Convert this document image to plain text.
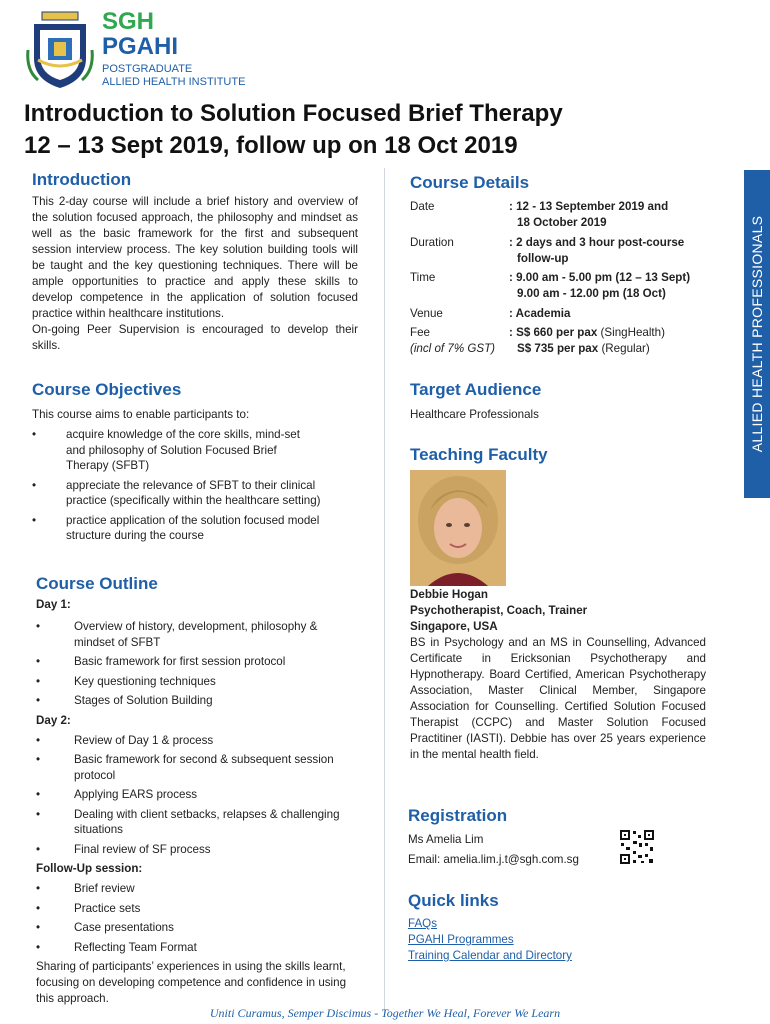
SGH
PGAHI
POSTGRADUATE
ALLIED HEALTH INSTITUTE
Introduction to Solution Focused Brief Therapy
12 – 13 Sept 2019, follow up on 18 Oct 2019
ALLIED HEALTH PROFESSIONALS
Introduction
This 2-day course will include a brief history and overview of the solution focused approach, the philosophy and mindset as well as the basic framework for the first and subsequent session interview process. The key solution building tools will be taught and the key questioning techniques. There will be ample opportunities to practice and apply these skills to develop competence in the application of solution focused practice within healthcare institutions.
On-going Peer Supervision is encouraged to develop their skills.
Course Objectives
This course aims to enable participants to:
• acquire knowledge of the core skills, mind-set and philosophy of Solution Focused Brief Therapy (SFBT)
• appreciate the relevance of SFBT to their clinical practice (specifically within the healthcare setting)
• practice application of the solution focused model structure during the course
Course Outline
Day 1:
• Overview of history, development, philosophy & mindset of SFBT
• Basic framework for first session protocol
• Key questioning techniques
• Stages of Solution Building
Day 2:
• Review of Day 1 & process
• Basic framework for second & subsequent session protocol
• Applying EARS process
• Dealing with client setbacks, relapses & challenging situations
• Final review of SF process
Follow-Up session:
• Brief review
• Practice sets
• Case presentations
• Reflecting Team Format
Sharing of participants’ experiences in using the skills learnt, focusing on developing competence and confidence in using this approach.
Course Details
Date	: 12 - 13 September 2019 and
18 October 2019
Duration	: 2 days and 3 hour post-course
follow-up
Time	: 9.00 am - 5.00 pm (12 – 13 Sept)
9.00 am - 12.00 pm (18 Oct)
Venue	: Academia
Fee
(incl of 7% GST)
: S$ 660 per pax (SingHealth)
S$ 735 per pax (Regular)
Target Audience
Healthcare Professionals
Teaching Faculty
Debbie Hogan
Psychotherapist, Coach, Trainer
Singapore, USA
BS in Psychology and an MS in Counselling, Advanced Certificate in Ericksonian Psychotherapy and Hypnotherapy. Board Certified, American Psychotherapy Association, Master Clinical Member, Singapore Association for Counselling. Certified Solution Focused Therapist (CCPC) and Master Solution Focused Practitiner (IASTI). Debbie has over 25 years experience in the mental health field.
Registration
Ms Amelia Lim
Email: amelia.lim.j.t@sgh.com.sg
Quick links
FAQs
PGAHI Programmes
Training Calendar and Directory
Uniti Curamus, Semper Discimus - Together We Heal, Forever We Learn
